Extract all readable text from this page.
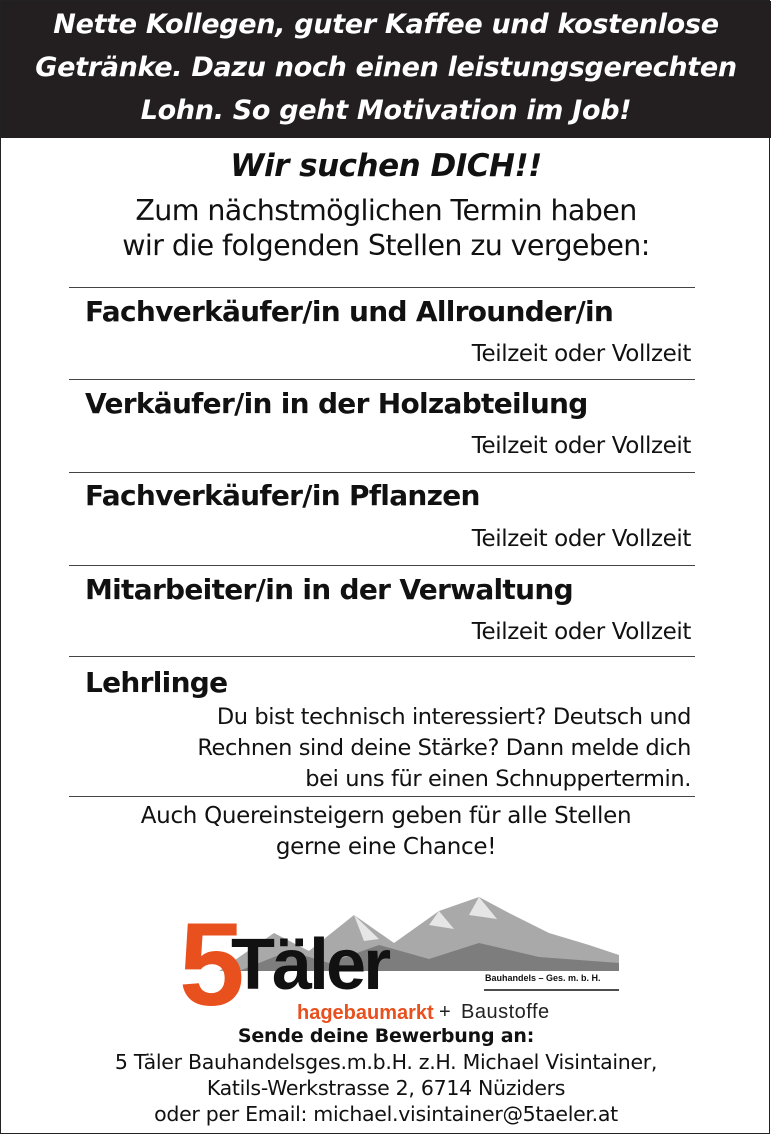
Nette Kollegen, guter Kaffee und kostenlose
Getränke. Dazu noch einen leistungsgerechten
Lohn. So geht Motivation im Job!
Wir suchen DICH!!
Zum nächstmöglichen Termin haben
wir die folgenden Stellen zu vergeben:
Fachverkäufer/in und Allrounder/in
Teilzeit oder Vollzeit
Verkäufer/in in der Holzabteilung
Teilzeit oder Vollzeit
Fachverkäufer/in Pflanzen
Teilzeit oder Vollzeit
Mitarbeiter/in in der Verwaltung
Teilzeit oder Vollzeit
Lehrlinge
Du bist technisch interessiert? Deutsch und
Rechnen sind deine Stärke? Dann melde dich
bei uns für einen Schnuppertermin.
Auch Quereinsteigern geben für alle Stellen
gerne eine Chance!
5
Täler	Bauhandels – Ges. m. b. H.
hagebaumarkt + Baustoffe
Sende deine Bewerbung an:
5 Täler Bauhandelsges.m.b.H. z.H. Michael Visintainer,
Katils-Werkstrasse 2, 6714 Nüziders
oder per Email: michael.visintainer@5taeler.at
